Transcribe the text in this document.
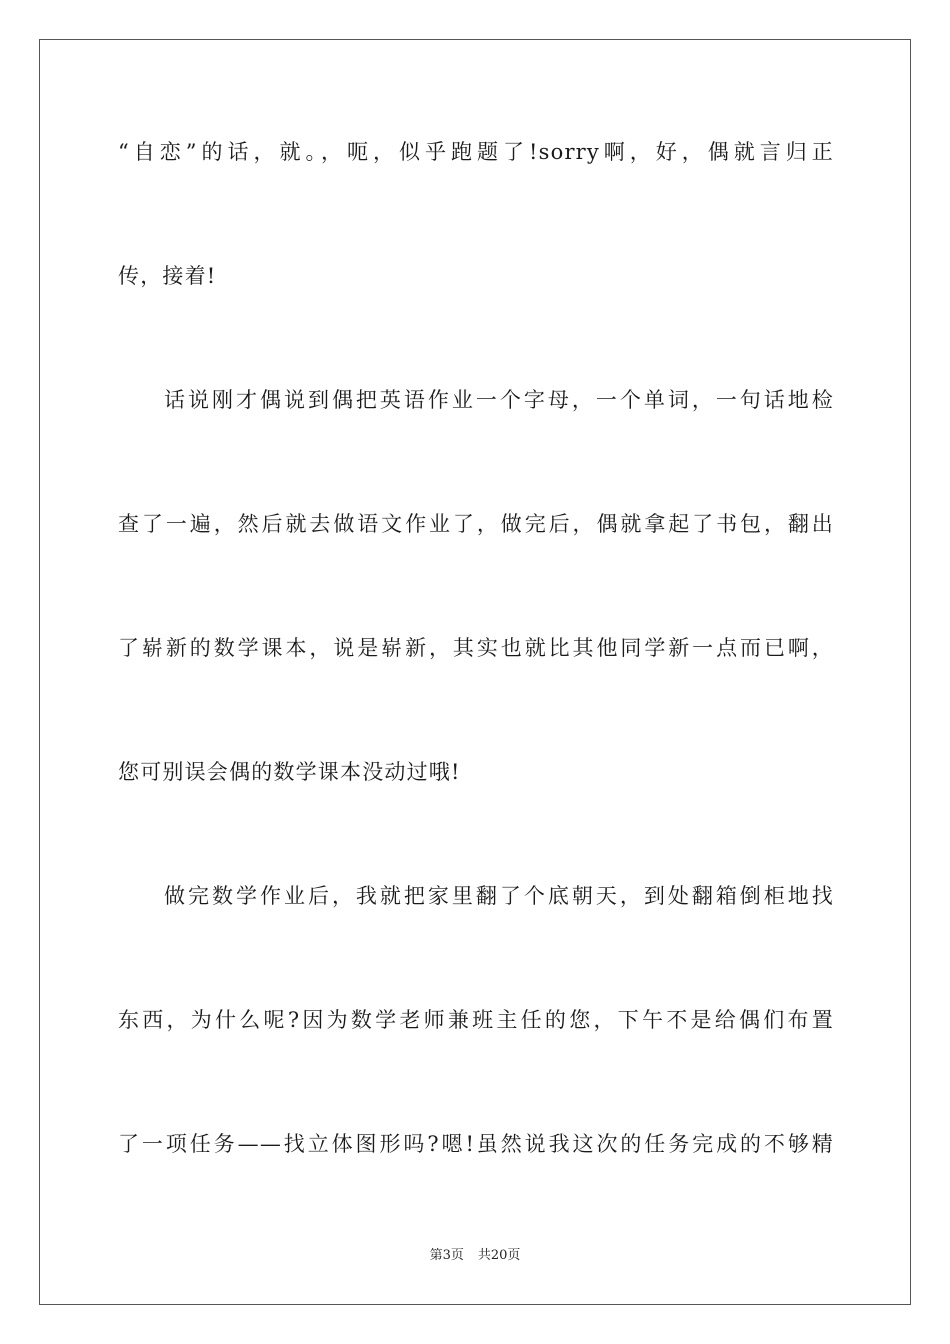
“自恋”的话，就。，呃，似乎跑题了!sorry啊，好，偶就言归正
传，接着!
话说刚才偶说到偶把英语作业一个字母，一个单词，一句话地检
查了一遍，然后就去做语文作业了，做完后，偶就拿起了书包，翻出
了崭新的数学课本，说是崭新，其实也就比其他同学新一点而已啊，
您可别误会偶的数学课本没动过哦!
做完数学作业后，我就把家里翻了个底朝天，到处翻箱倒柜地找
东西，为什么呢?因为数学老师兼班主任的您，下午不是给偶们布置
了一项任务——找立体图形吗?嗯!虽然说我这次的任务完成的不够精
第3页 共20页
